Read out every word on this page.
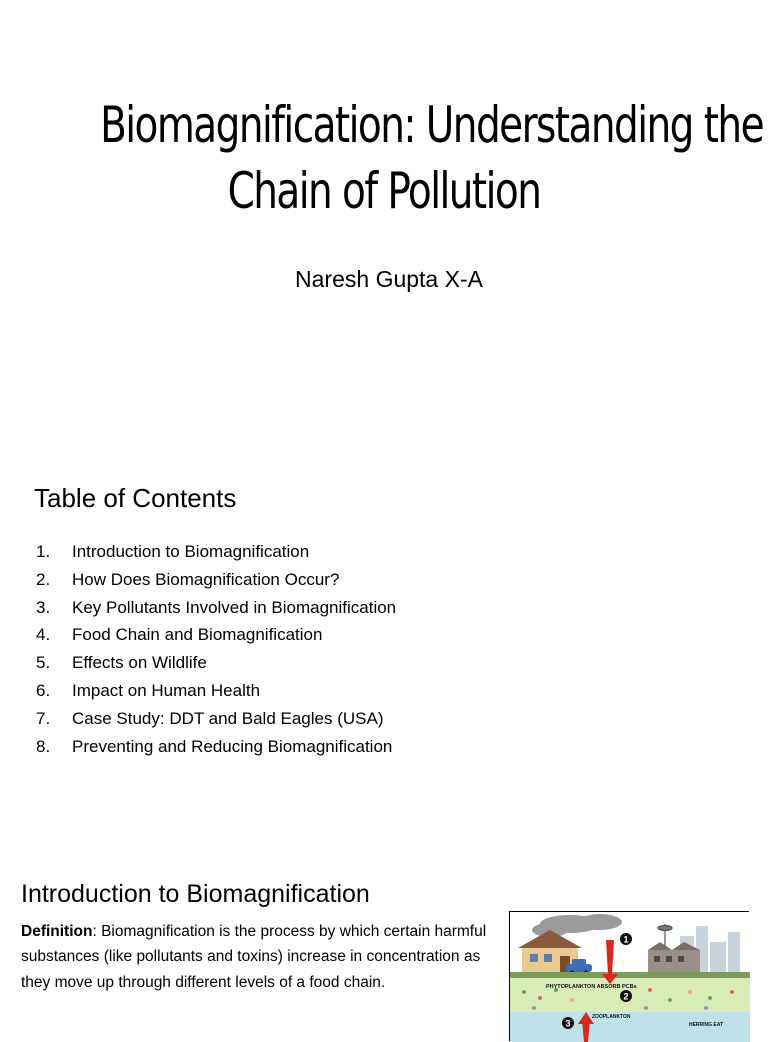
Biomagnification: Understanding the
Chain of Pollution
Naresh Gupta X-A
Table of Contents
1. Introduction to Biomagnification
2. How Does Biomagnification Occur?
3. Key Pollutants Involved in Biomagnification
4. Food Chain and Biomagnification
5. Effects on Wildlife
6. Impact on Human Health
7. Case Study: DDT and Bald Eagles (USA)
8. Preventing and Reducing Biomagnification
Introduction to Biomagnification

Definition: Biomagnification is the process by which certain harmful substances (like pollutants and toxins) increase in concentration as they move up through different levels of a food chain.

1
2
3
PHYTOPLANKTON ABSORB PCBs
ZOOPLANKTON
HERRING EAT
